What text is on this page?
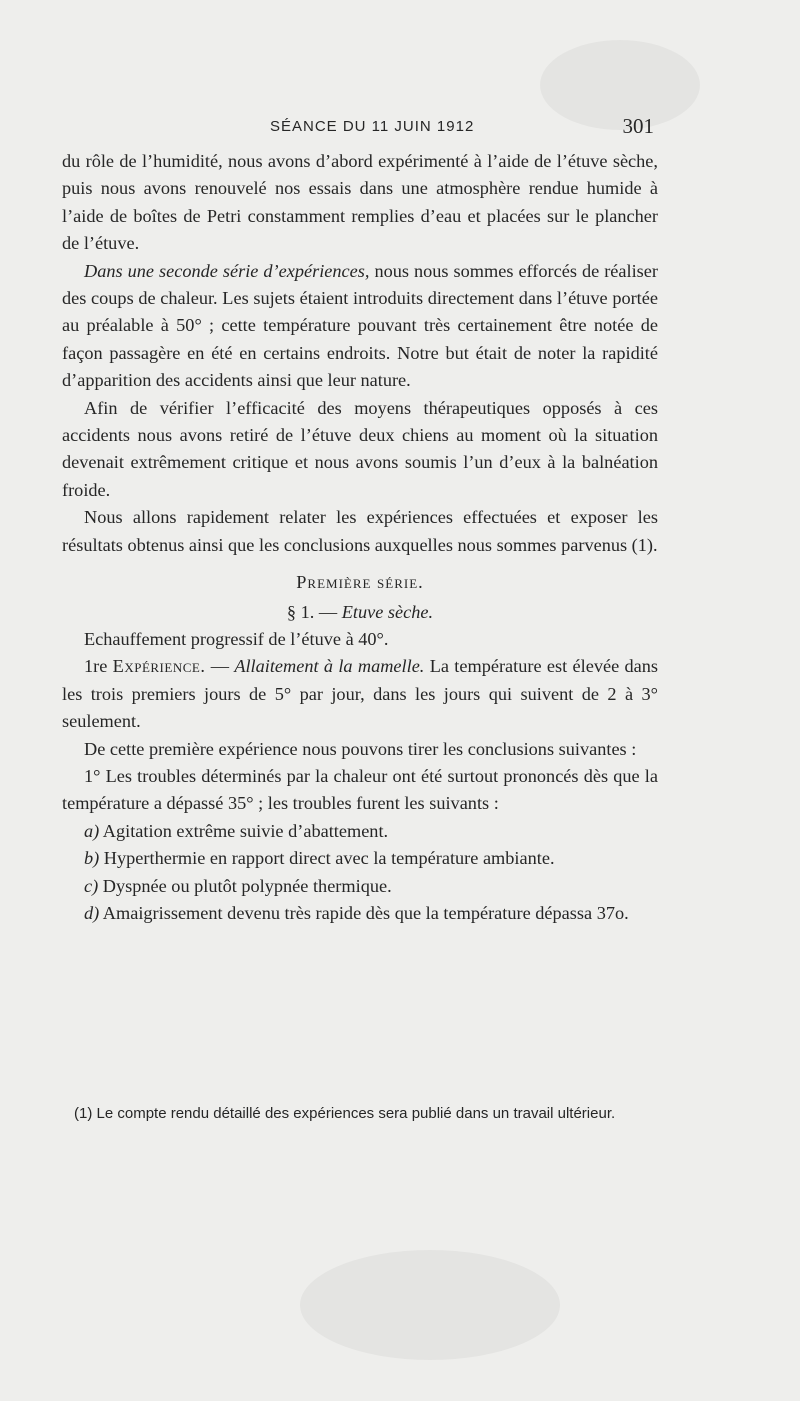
SÉANCE DU 11 JUIN 1912	301

du rôle de l’humidité, nous avons d’abord expérimenté à l’aide de l’étuve sèche, puis nous avons renouvelé nos essais dans une atmosphère rendue humide à l’aide de boîtes de Petri constamment remplies d’eau et placées sur le plancher de l’étuve.

Dans une seconde série d’expériences, nous nous sommes efforcés de réaliser des coups de chaleur. Les sujets étaient introduits directement dans l’étuve portée au préalable à 50° ; cette température pouvant très certainement être notée de façon passagère en été en certains endroits. Notre but était de noter la rapidité d’apparition des accidents ainsi que leur nature.

Afin de vérifier l’efficacité des moyens thérapeutiques opposés à ces accidents nous avons retiré de l’étuve deux chiens au moment où la situation devenait extrêmement critique et nous avons soumis l’un d’eux à la balnéation froide.

Nous allons rapidement relater les expériences effectuées et exposer les résultats obtenus ainsi que les conclusions auxquelles nous sommes parvenus (1).

Première série.

§ 1. — Etuve sèche.

Echauffement progressif de l’étuve à 40°.

1re Expérience. — Allaitement à la mamelle. La température est élevée dans les trois premiers jours de 5° par jour, dans les jours qui suivent de 2 à 3° seulement.

De cette première expérience nous pouvons tirer les conclusions suivantes :

1° Les troubles déterminés par la chaleur ont été surtout prononcés dès que la température a dépassé 35° ; les troubles furent les suivants :

a) Agitation extrême suivie d’abattement.

b) Hyperthermie en rapport direct avec la température ambiante.

c) Dyspnée ou plutôt polypnée thermique.

d) Amaigrissement devenu très rapide dès que la température dépassa 37o.

(1) Le compte rendu détaillé des expériences sera publié dans un travail ultérieur.
